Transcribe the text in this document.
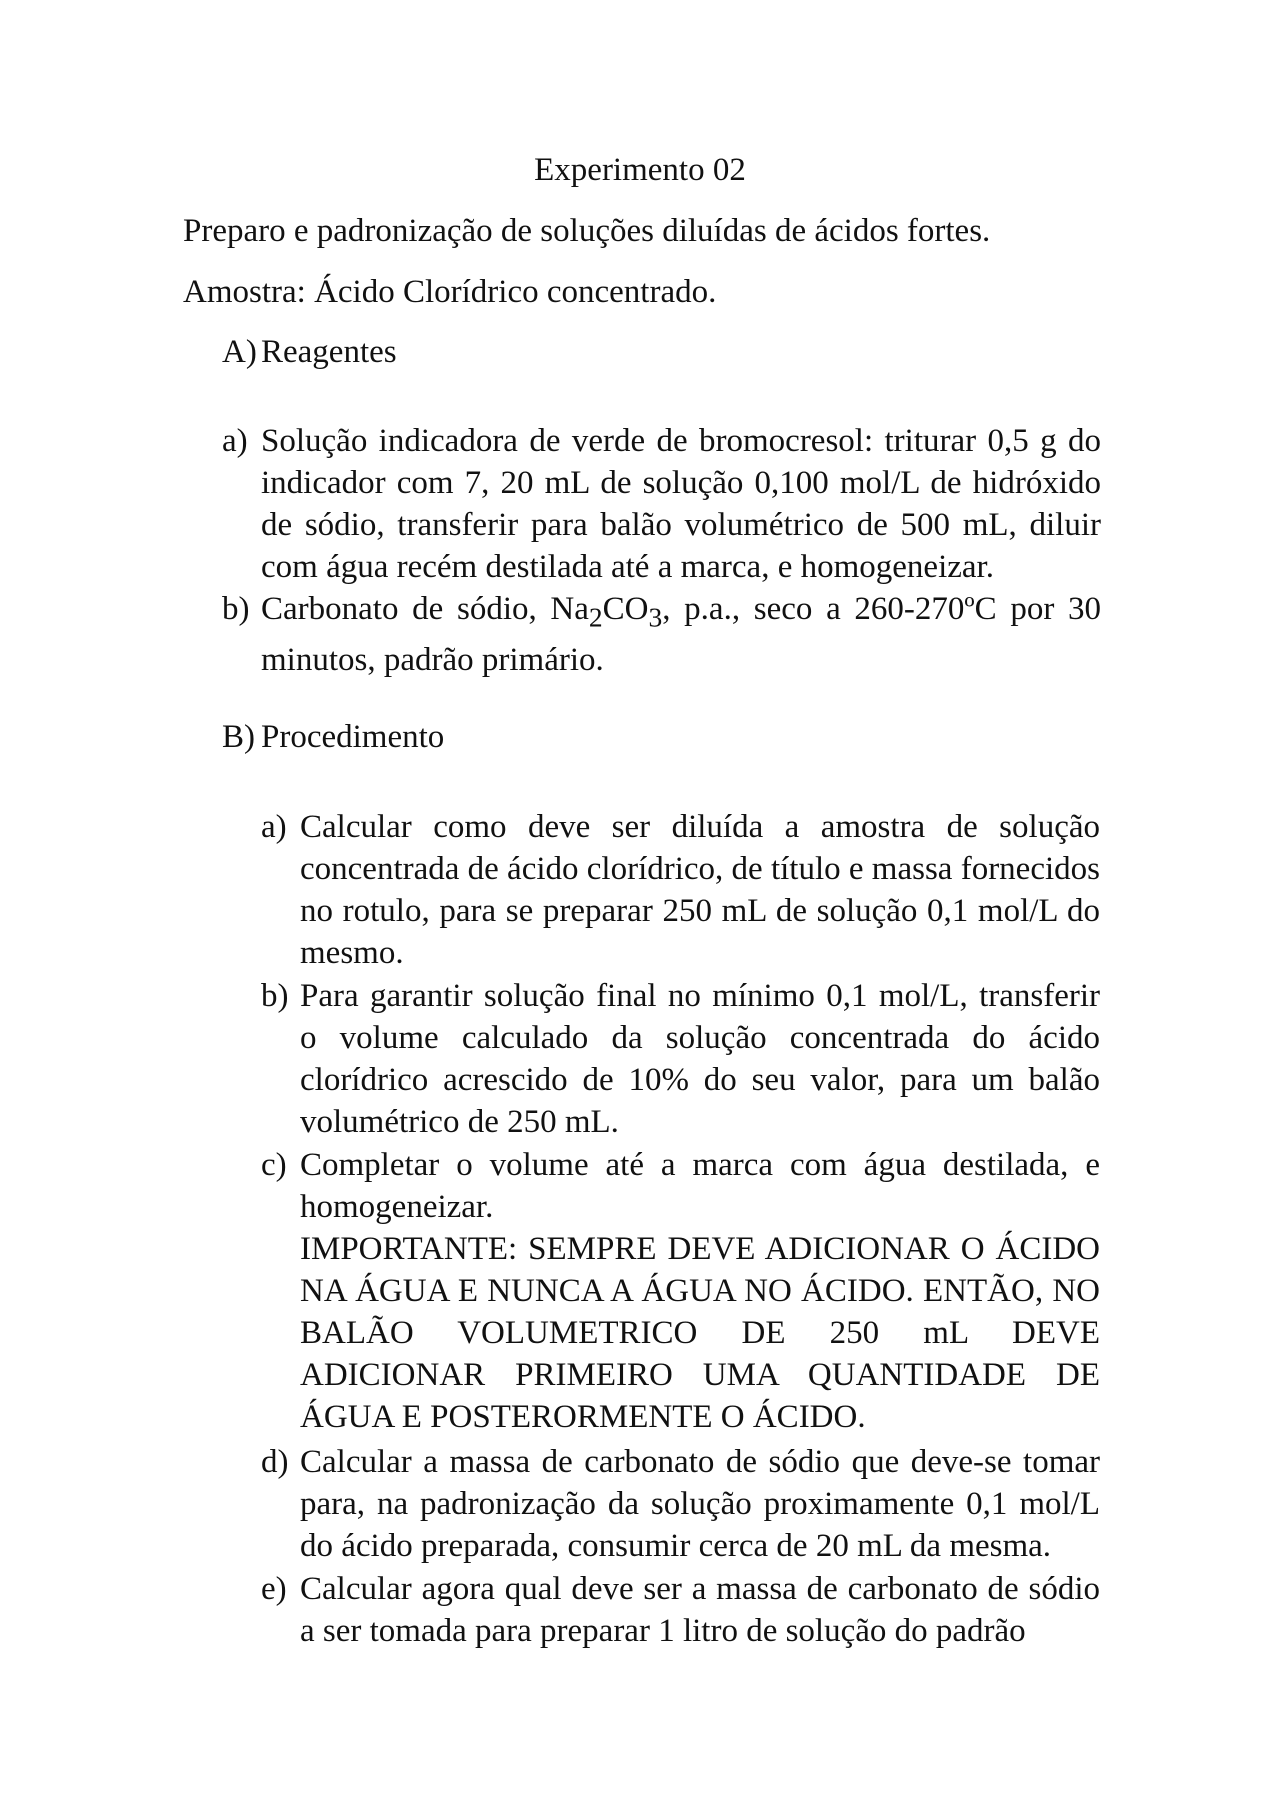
Experimento 02
Preparo e padronização de soluções diluídas de ácidos fortes.
Amostra: Ácido Clorídrico concentrado.
A) Reagentes
a) Solução indicadora de verde de bromocresol: triturar 0,5 g do indicador com 7, 20 mL de solução 0,100 mol/L de hidróxido de sódio, transferir para balão volumétrico de 500 mL, diluir com água recém destilada até a marca, e homogeneizar.
b) Carbonato de sódio, $Na_2CO_3$, p.a., seco a 260-270ºC por 30 minutos, padrão primário.
B) Procedimento
a) Calcular como deve ser diluída a amostra de solução concentrada de ácido clorídrico, de título e massa fornecidos no rotulo, para se preparar 250 mL de solução 0,1 mol/L do mesmo.
b) Para garantir solução final no mínimo 0,1 mol/L, transferir o volume calculado da solução concentrada do ácido clorídrico acrescido de 10% do seu valor, para um balão volumétrico de 250 mL.
c) Completar o volume até a marca com água destilada, e homogeneizar.
IMPORTANTE: SEMPRE DEVE ADICIONAR O ÁCIDO NA ÁGUA E NUNCA A ÁGUA NO ÁCIDO. ENTÃO, NO BALÃO VOLUMETRICO DE 250 mL DEVE ADICIONAR PRIMEIRO UMA QUANTIDADE DE ÁGUA E POSTERORMENTE O ÁCIDO.
d) Calcular a massa de carbonato de sódio que deve-se tomar para, na padronização da solução proximamente 0,1 mol/L do ácido preparada, consumir cerca de 20 mL da mesma.
e) Calcular agora qual deve ser a massa de carbonato de sódio a ser tomada para preparar 1 litro de solução do padrão
